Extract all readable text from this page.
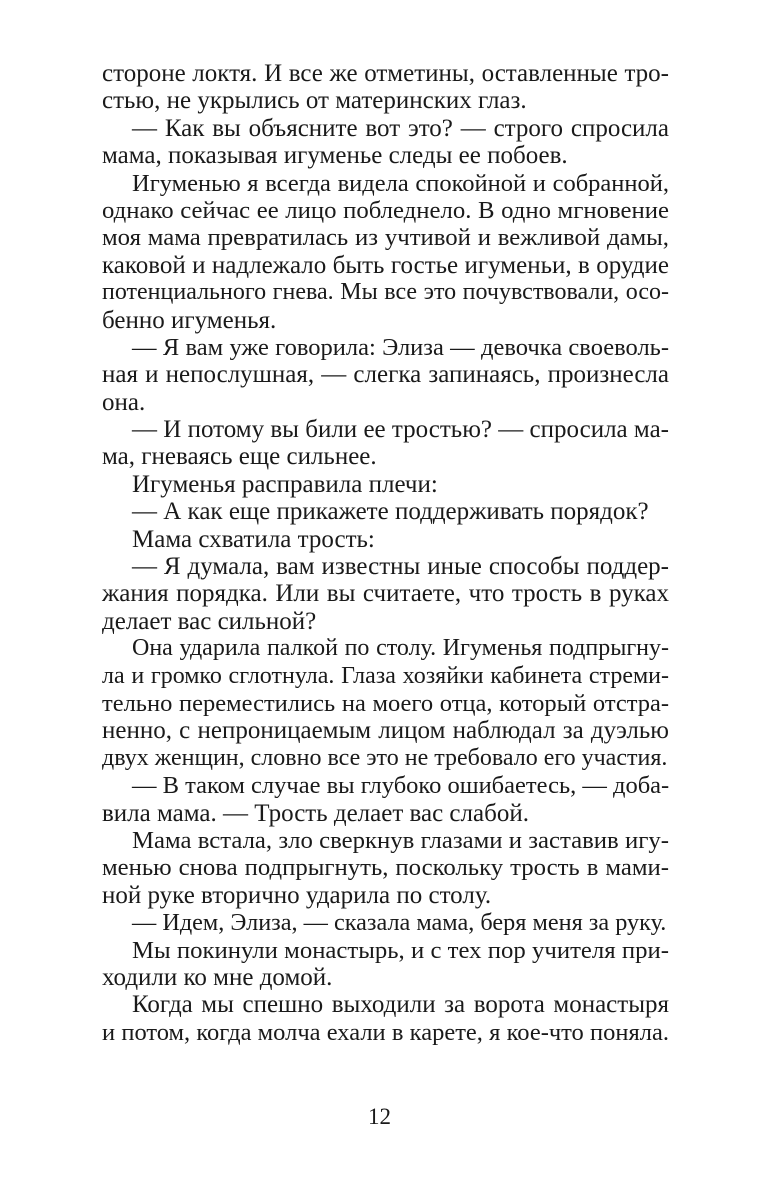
стороне локтя. И все же отметины, оставленные тро-
стью, не укрылись от материнских глаз.
— Как вы объясните вот это? — строго спросила
мама, показывая игуменье следы ее побоев.
Игуменью я всегда видела спокойной и собранной,
однако сейчас ее лицо побледнело. В одно мгновение
моя мама превратилась из учтивой и вежливой дамы,
каковой и надлежало быть гостье игуменьи, в орудие
потенциального гнева. Мы все это почувствовали, осо-
бенно игуменья.
— Я вам уже говорила: Элиза — девочка своеволь-
ная и непослушная, — слегка запинаясь, произнесла
она.
— И потому вы били ее тростью? — спросила ма-
ма, гневаясь еще сильнее.
Игуменья расправила плечи:
— А как еще прикажете поддерживать порядок?
Мама схватила трость:
— Я думала, вам известны иные способы поддер-
жания порядка. Или вы считаете, что трость в руках
делает вас сильной?
Она ударила палкой по столу. Игуменья подпрыгну-
ла и громко сглотнула. Глаза хозяйки кабинета стреми-
тельно переместились на моего отца, который отстра-
ненно, с непроницаемым лицом наблюдал за дуэлью
двух женщин, словно все это не требовало его участия.
— В таком случае вы глубоко ошибаетесь, — доба-
вила мама. — Трость делает вас слабой.
Мама встала, зло сверкнув глазами и заставив игу-
менью снова подпрыгнуть, поскольку трость в мами-
ной руке вторично ударила по столу.
— Идем, Элиза, — сказала мама, беря меня за руку.
Мы покинули монастырь, и с тех пор учителя при-
ходили ко мне домой.
Когда мы спешно выходили за ворота монастыря
и потом, когда молча ехали в карете, я кое-что поняла.
12
